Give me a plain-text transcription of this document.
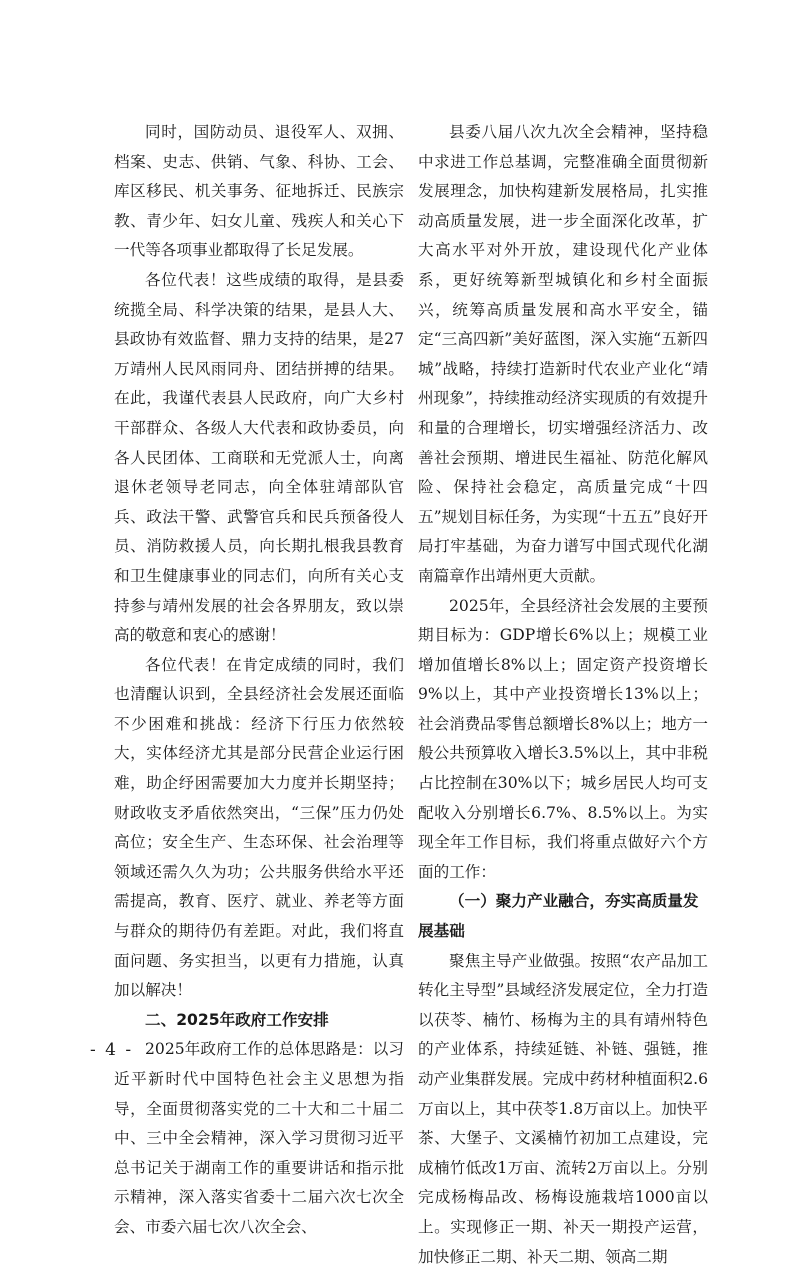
同时，国防动员、退役军人、双拥、档案、史志、供销、气象、科协、工会、库区移民、机关事务、征地拆迁、民族宗教、青少年、妇女儿童、残疾人和关心下一代等各项事业都取得了长足发展。

各位代表！这些成绩的取得，是县委统揽全局、科学决策的结果，是县人大、县政协有效监督、鼎力支持的结果，是27万靖州人民风雨同舟、团结拼搏的结果。在此，我谨代表县人民政府，向广大乡村干部群众、各级人大代表和政协委员，向各人民团体、工商联和无党派人士，向离退休老领导老同志，向全体驻靖部队官兵、政法干警、武警官兵和民兵预备役人员、消防救援人员，向长期扎根我县教育和卫生健康事业的同志们，向所有关心支持参与靖州发展的社会各界朋友，致以崇高的敬意和衷心的感谢！

各位代表！在肯定成绩的同时，我们也清醒认识到，全县经济社会发展还面临不少困难和挑战：经济下行压力依然较大，实体经济尤其是部分民营企业运行困难，助企纾困需要加大力度并长期坚持；财政收支矛盾依然突出，“三保”压力仍处高位；安全生产、生态环保、社会治理等领域还需久久为功；公共服务供给水平还需提高，教育、医疗、就业、养老等方面与群众的期待仍有差距。对此，我们将直面问题、务实担当，以更有力措施，认真加以解决！

二、2025年政府工作安排

2025年政府工作的总体思路是：以习近平新时代中国特色社会主义思想为指导，全面贯彻落实党的二十大和二十届二中、三中全会精神，深入学习贯彻习近平总书记关于湖南工作的重要讲话和指示批示精神，深入落实省委十二届六次七次全会、市委六届七次八次全会、

县委八届八次九次全会精神，坚持稳中求进工作总基调，完整准确全面贯彻新发展理念，加快构建新发展格局，扎实推动高质量发展，进一步全面深化改革，扩大高水平对外开放，建设现代化产业体系，更好统筹新型城镇化和乡村全面振兴，统筹高质量发展和高水平安全，锚定“三高四新”美好蓝图，深入实施“五新四城”战略，持续打造新时代农业产业化“靖州现象”，持续推动经济实现质的有效提升和量的合理增长，切实增强经济活力、改善社会预期、增进民生福祉、防范化解风险、保持社会稳定，高质量完成“十四五”规划目标任务，为实现“十五五”良好开局打牢基础，为奋力谱写中国式现代化湖南篇章作出靖州更大贡献。

2025年，全县经济社会发展的主要预期目标为：GDP增长6%以上；规模工业增加值增长8%以上；固定资产投资增长9%以上，其中产业投资增长13%以上；社会消费品零售总额增长8%以上；地方一般公共预算收入增长3.5%以上，其中非税占比控制在30%以下；城乡居民人均可支配收入分别增长6.7%、8.5%以上。为实现全年工作目标，我们将重点做好六个方面的工作：

（一）聚力产业融合，夯实高质量发展基础

聚焦主导产业做强。按照“农产品加工转化主导型”县域经济发展定位，全力打造以茯苓、楠竹、杨梅为主的具有靖州特色的产业体系，持续延链、补链、强链，推动产业集群发展。完成中药材种植面积2.6万亩以上，其中茯苓1.8万亩以上。加快平茶、大堡子、文溪楠竹初加工点建设，完成楠竹低改1万亩、流转2万亩以上。分别完成杨梅品改、杨梅设施栽培1000亩以上。实现修正一期、补天一期投产运营，加快修正二期、补天二期、领高二期

- 4 -
